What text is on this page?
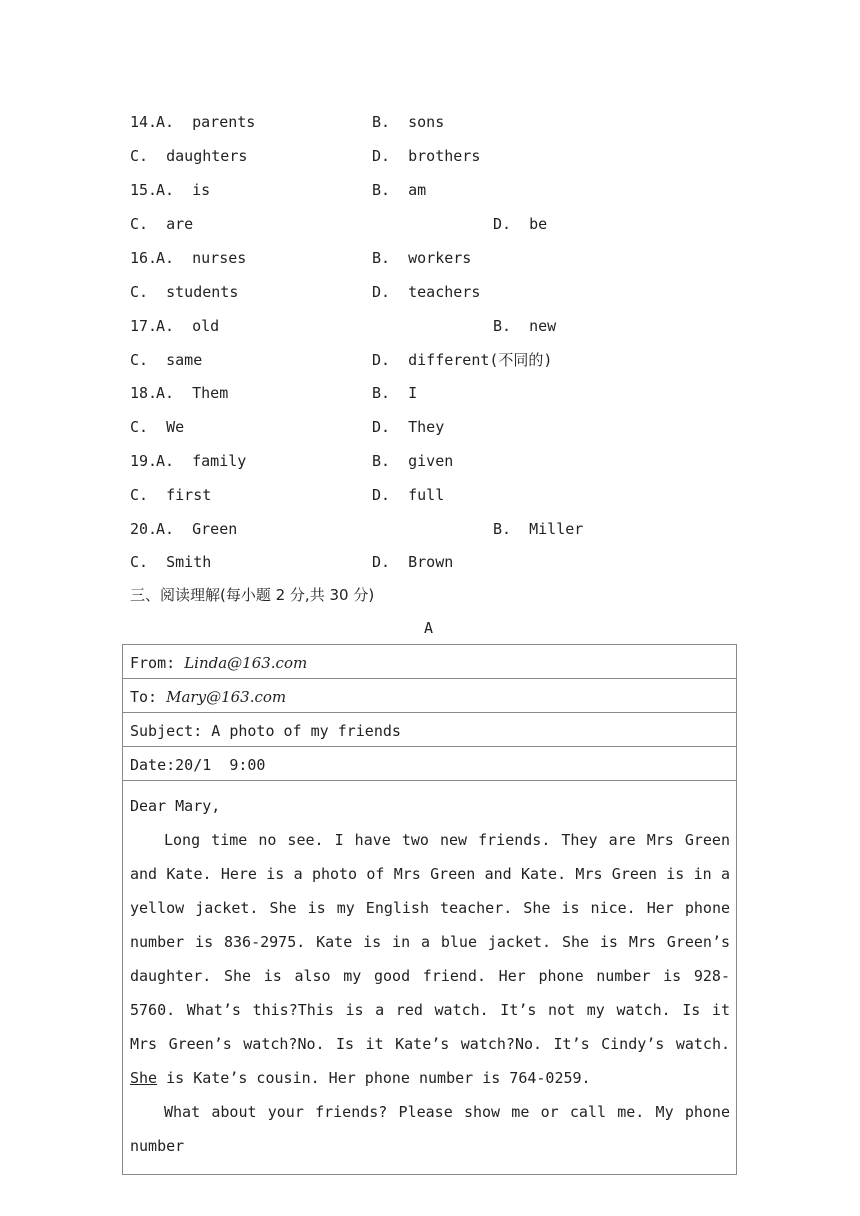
14.
A.  parents	B.  sons
C.  daughters	D.  brothers
15.
A.  is	B.  am
C.  are	D.  be
16.
A.  nurses	B.  workers
C.  students	D.  teachers
17.
A.  old	B.  new
C.  same	D.  different(不同的)
18.
A.  Them	B.  I
C.  We	D.  They
19.
A.  family	B.  given
C.  first	D.  full
20.
A.  Green	B.  Miller
C.  Smith	D.  Brown
三、阅读理解(每小题 2 分,共 30 分)
A
From: Linda@163.com
To: Mary@163.com
Subject: A photo of my friends
Date:20/1  9:00

Dear Mary,

Long time no see. I have two new friends. They are Mrs Green and Kate. Here is a photo of Mrs Green and Kate. Mrs Green is in a yellow jacket. She is my English teacher. She is nice. Her phone number is 836-2975. Kate is in a blue jacket. She is Mrs Green’s daughter. She is also my good friend. Her phone number is 928-5760. What’s this?This is a red watch. It’s not my watch. Is it Mrs Green’s watch?No. Is it Kate’s watch?No. It’s Cindy’s watch. She is Kate’s cousin. Her phone number is 764-0259.

What about your friends? Please show me or call me. My phone number
